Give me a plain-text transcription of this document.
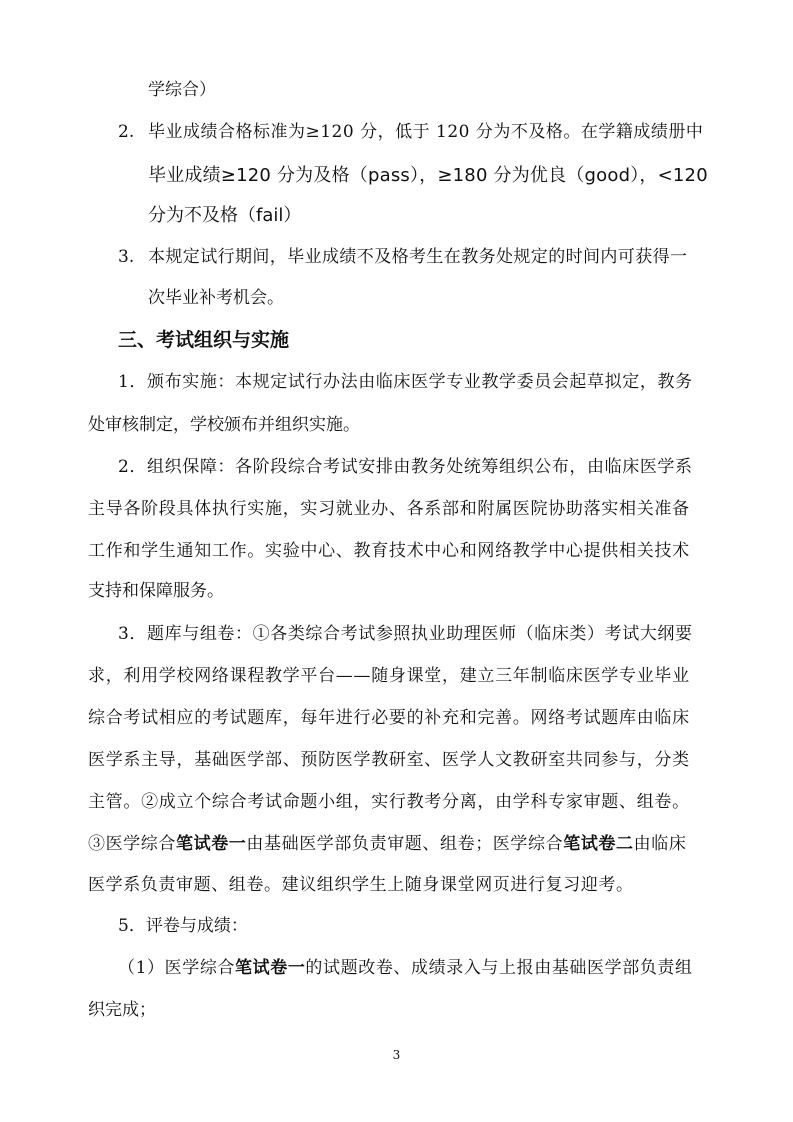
学综合）

2. 毕业成绩合格标准为≥120 分，低于 120 分为不及格。在学籍成绩册中

毕业成绩≥120 分为及格（pass），≥180 分为优良（good），<120

分为不及格（fail）

3. 本规定试行期间，毕业成绩不及格考生在教务处规定的时间内可获得一

次毕业补考机会。

三、考试组织与实施

1．颁布实施：本规定试行办法由临床医学专业教学委员会起草拟定，教务

处审核制定，学校颁布并组织实施。

2．组织保障：各阶段综合考试安排由教务处统筹组织公布，由临床医学系

主导各阶段具体执行实施，实习就业办、各系部和附属医院协助落实相关准备

工作和学生通知工作。实验中心、教育技术中心和网络教学中心提供相关技术

支持和保障服务。

3．题库与组卷：①各类综合考试参照执业助理医师（临床类）考试大纲要

求，利用学校网络课程教学平台——随身课堂，建立三年制临床医学专业毕业

综合考试相应的考试题库，每年进行必要的补充和完善。网络考试题库由临床

医学系主导，基础医学部、预防医学教研室、医学人文教研室共同参与，分类

主管。②成立个综合考试命题小组，实行教考分离，由学科专家审题、组卷。

③医学综合笔试卷一由基础医学部负责审题、组卷；医学综合笔试卷二由临床

医学系负责审题、组卷。建议组织学生上随身课堂网页进行复习迎考。

5．评卷与成绩：

（1）医学综合笔试卷一的试题改卷、成绩录入与上报由基础医学部负责组

织完成；

3
